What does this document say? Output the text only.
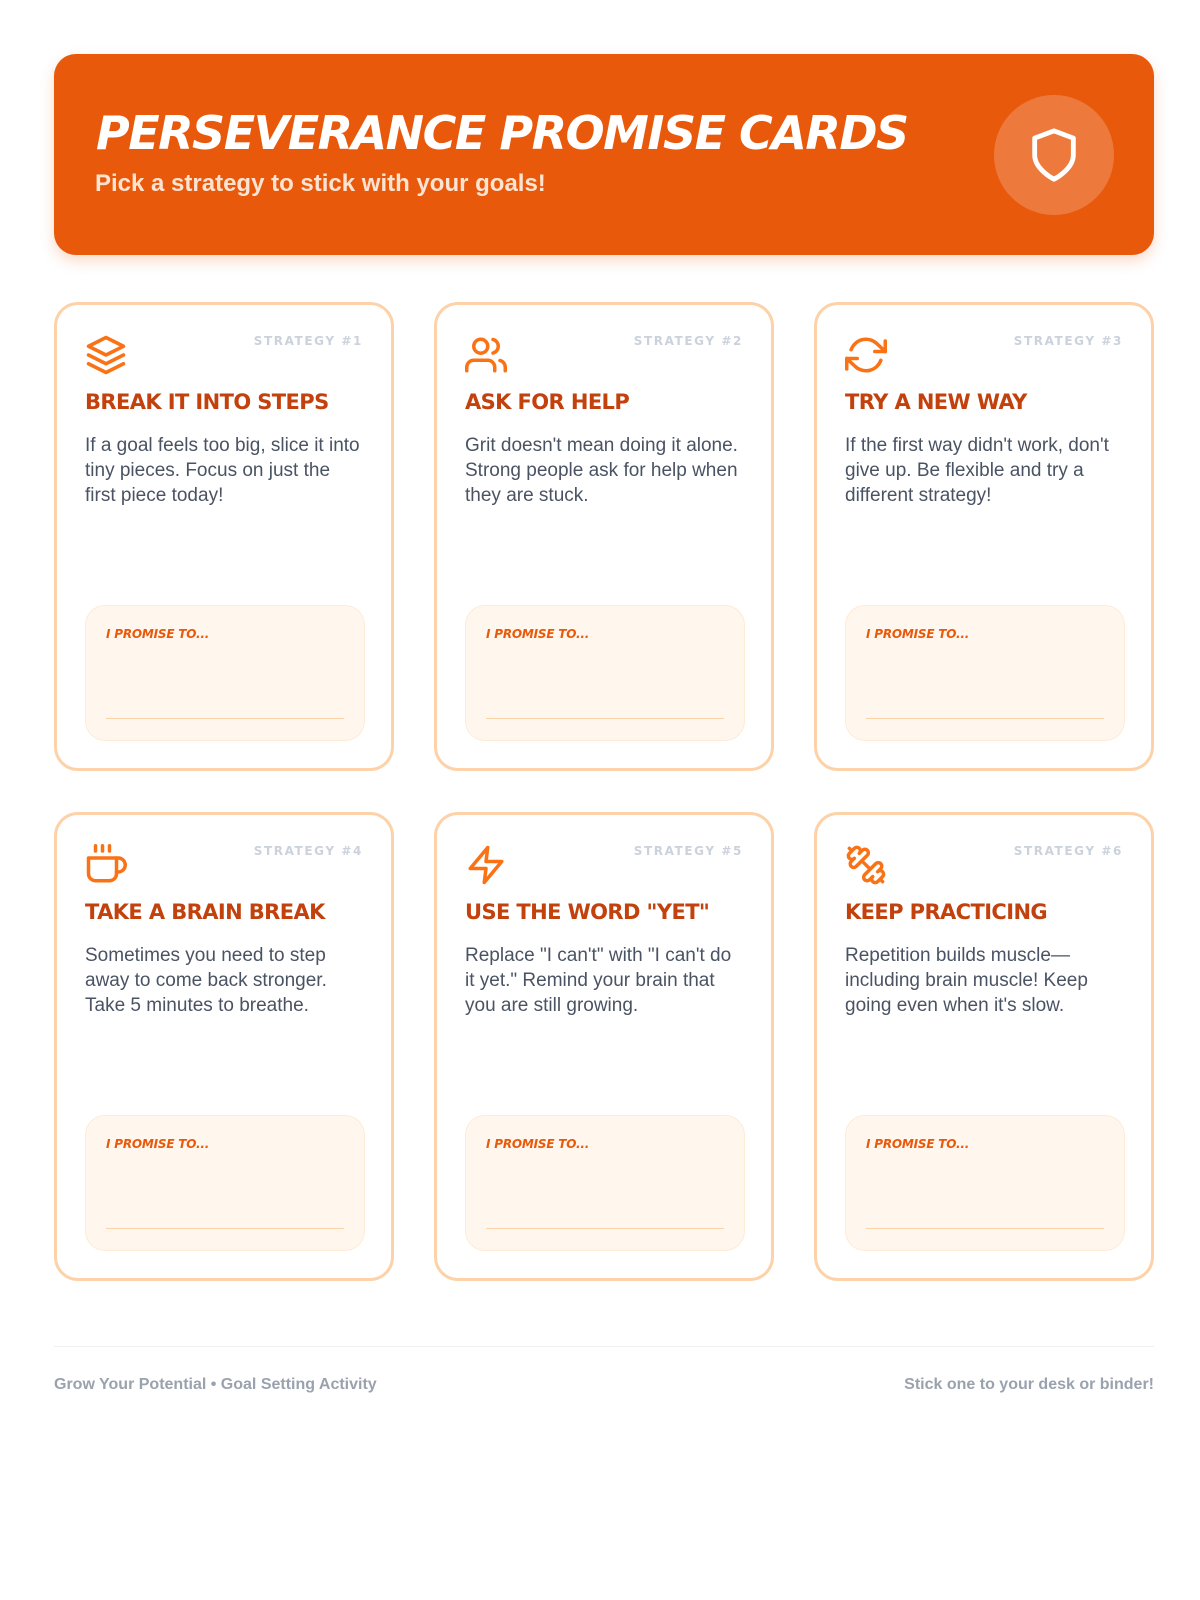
PERSEVERANCE PROMISE CARDS
Pick a strategy to stick with your goals!
STRATEGY #1
BREAK IT INTO STEPS
If a goal feels too big, slice it into tiny pieces. Focus on just the first piece today!
I PROMISE TO...
STRATEGY #2
ASK FOR HELP
Grit doesn't mean doing it alone. Strong people ask for help when they are stuck.
I PROMISE TO...
STRATEGY #3
TRY A NEW WAY
If the first way didn't work, don't give up. Be flexible and try a different strategy!
I PROMISE TO...
STRATEGY #4
TAKE A BRAIN BREAK
Sometimes you need to step away to come back stronger. Take 5 minutes to breathe.
I PROMISE TO...
STRATEGY #5
USE THE WORD "YET"
Replace "I can't" with "I can't do it yet." Remind your brain that you are still growing.
I PROMISE TO...
STRATEGY #6
KEEP PRACTICING
Repetition builds muscle—including brain muscle! Keep going even when it's slow.
I PROMISE TO...
Grow Your Potential • Goal Setting Activity	Stick one to your desk or binder!
